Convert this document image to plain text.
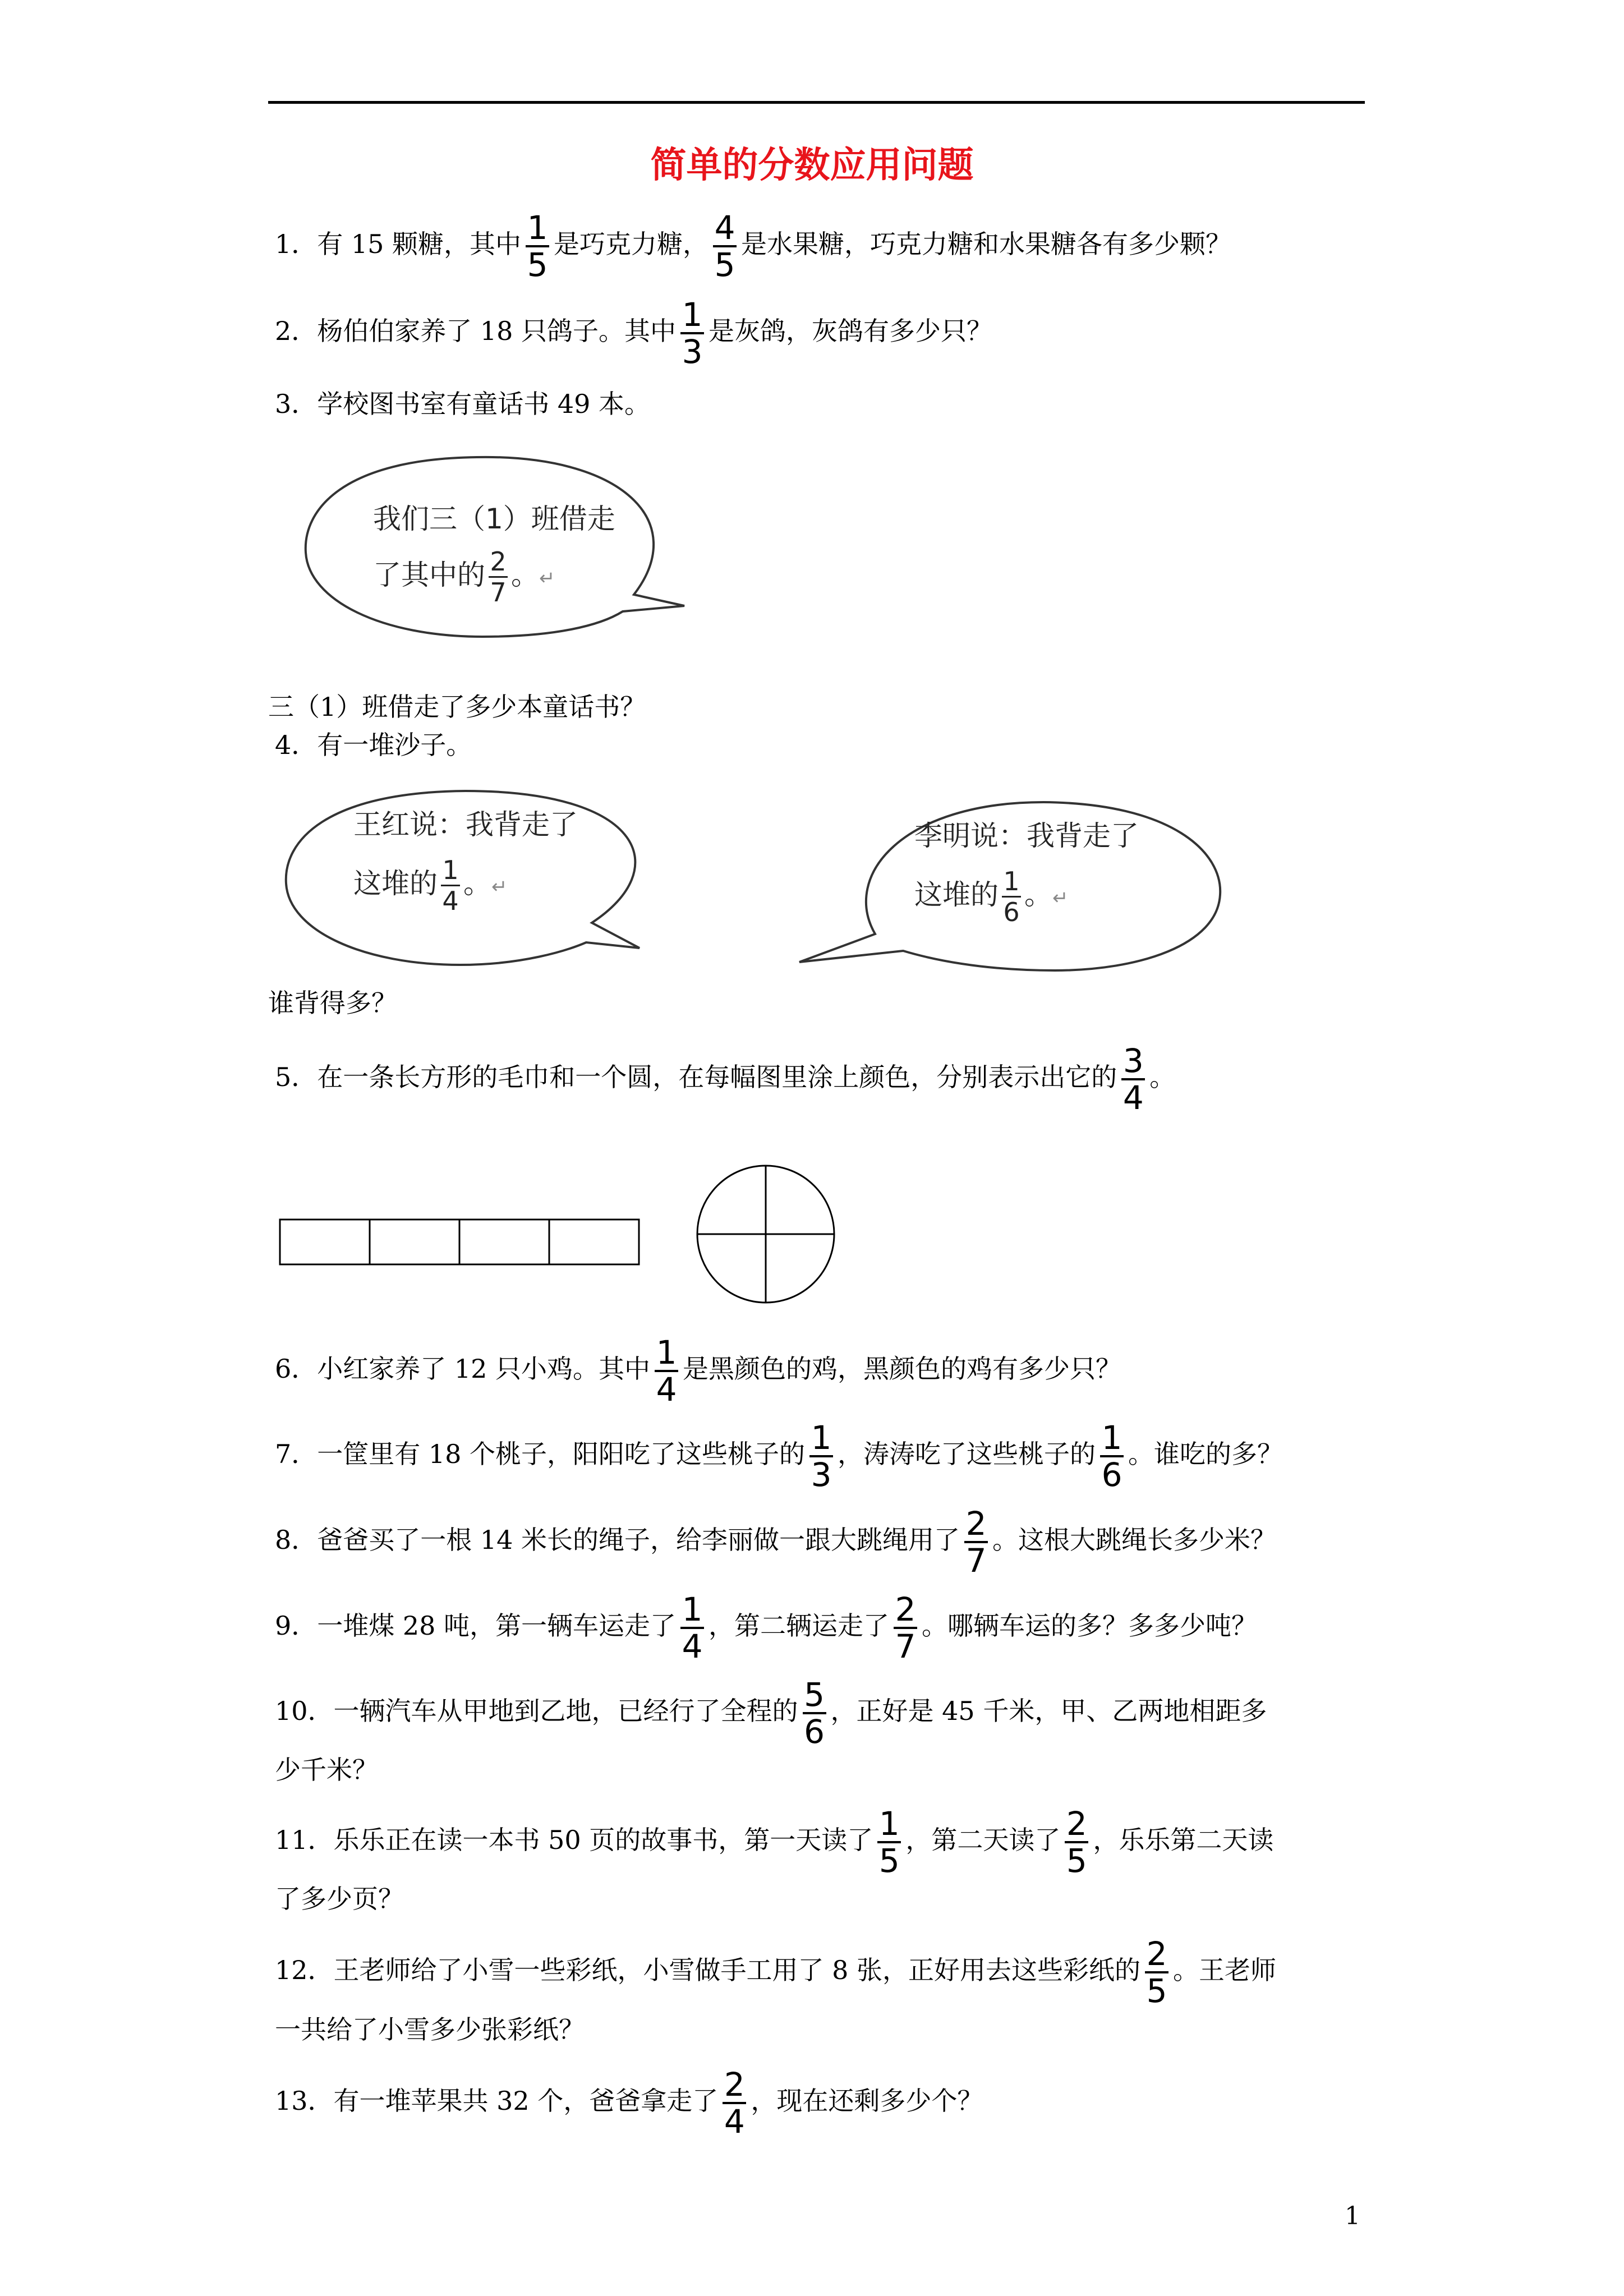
简单的分数应用问题
1．有 15 颗糖，其中 $\frac{1}{5}$ 是巧克力糖， $\frac{4}{5}$ 是水果糖，巧克力糖和水果糖各有多少颗？
2．杨伯伯家养了 18 只鸽子。其中 $\frac{1}{3}$ 是灰鸽，灰鸽有多少只？
3．学校图书室有童话书 49 本。
我们三（1）班借走
了其中的 $\frac{2}{7}$ 。↵
三（1）班借走了多少本童话书？
4．有一堆沙子。
王红说：我背走了
这堆的 $\frac{1}{4}$ 。↵
李明说：我背走了
这堆的 $\frac{1}{6}$ 。↵
谁背得多？
5．在一条长方形的毛巾和一个圆，在每幅图里涂上颜色，分别表示出它的 $\frac{3}{4}$ 。
6．小红家养了 12 只小鸡。其中 $\frac{1}{4}$ 是黑颜色的鸡，黑颜色的鸡有多少只？
7．一筐里有 18 个桃子，阳阳吃了这些桃子的 $\frac{1}{3}$ ，涛涛吃了这些桃子的 $\frac{1}{6}$ 。谁吃的多？
8．爸爸买了一根 14 米长的绳子，给李丽做一跟大跳绳用了 $\frac{2}{7}$ 。这根大跳绳长多少米？
9．一堆煤 28 吨，第一辆车运走了 $\frac{1}{4}$ ，第二辆运走了 $\frac{2}{7}$ 。哪辆车运的多？多多少吨？
10．一辆汽车从甲地到乙地，已经行了全程的 $\frac{5}{6}$ ，正好是 45 千米，甲、乙两地相距多
少千米？
11．乐乐正在读一本书 50 页的故事书，第一天读了 $\frac{1}{5}$ ，第二天读了 $\frac{2}{5}$ ，乐乐第二天读
了多少页？
12．王老师给了小雪一些彩纸，小雪做手工用了 8 张，正好用去这些彩纸的 $\frac{2}{5}$ 。王老师
一共给了小雪多少张彩纸？
13．有一堆苹果共 32 个，爸爸拿走了 $\frac{2}{4}$ ，现在还剩多少个？
1
